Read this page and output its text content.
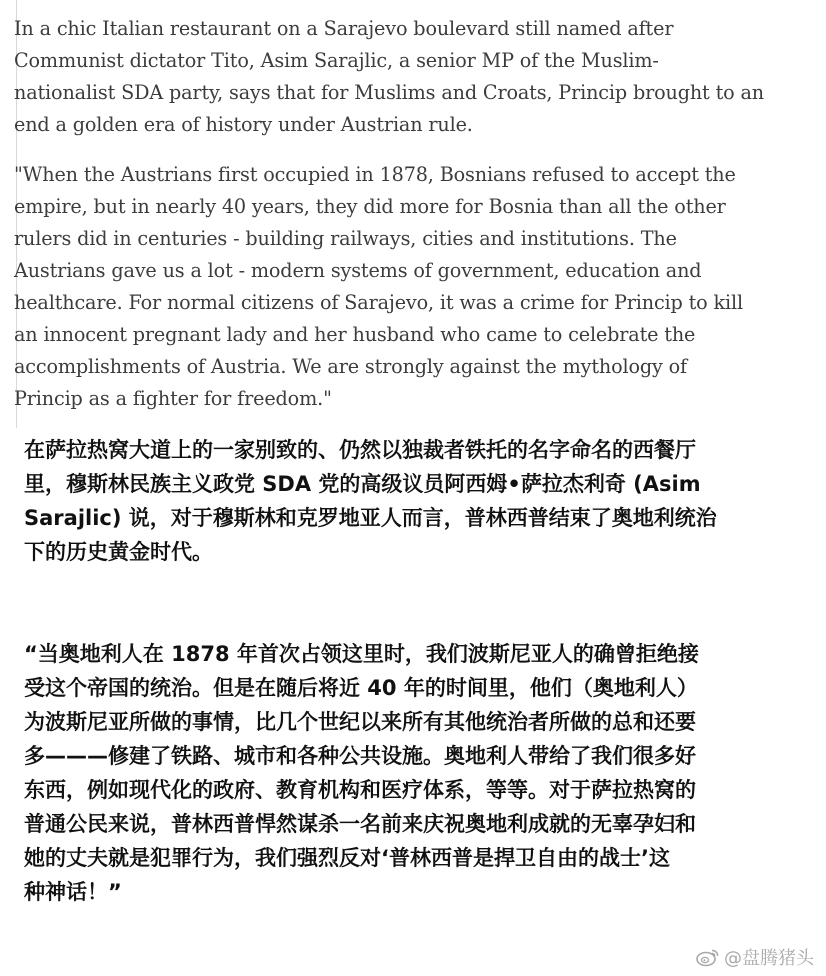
In a chic Italian restaurant on a Sarajevo boulevard still named after
Communist dictator Tito, Asim Sarajlic, a senior MP of the Muslim-
nationalist SDA party, says that for Muslims and Croats, Princip brought to an
end a golden era of history under Austrian rule.

"When the Austrians first occupied in 1878, Bosnians refused to accept the
empire, but in nearly 40 years, they did more for Bosnia than all the other
rulers did in centuries - building railways, cities and institutions. The
Austrians gave us a lot - modern systems of government, education and
healthcare. For normal citizens of Sarajevo, it was a crime for Princip to kill
an innocent pregnant lady and her husband who came to celebrate the
accomplishments of Austria. We are strongly against the mythology of
Princip as a fighter for freedom."

在萨拉热窝大道上的一家别致的、仍然以独裁者铁托的名字命名的西餐厅
里，穆斯林民族主义政党 SDA 党的高级议员阿西姆•萨拉杰利奇 (Asim
Sarajlic) 说，对于穆斯林和克罗地亚人而言，普林西普结束了奥地利统治
下的历史黄金时代。

“当奥地利人在 1878 年首次占领这里时，我们波斯尼亚人的确曾拒绝接
受这个帝国的统治。但是在随后将近 40 年的时间里，他们（奥地利人）
为波斯尼亚所做的事情，比几个世纪以来所有其他统治者所做的总和还要
多———修建了铁路、城市和各种公共设施。奥地利人带给了我们很多好
东西，例如现代化的政府、教育机构和医疗体系，等等。对于萨拉热窝的
普通公民来说，普林西普悍然谋杀一名前来庆祝奥地利成就的无辜孕妇和
她的丈夫就是犯罪行为，我们强烈反对‘普林西普是捍卫自由的战士’这
种神话！”

@盘腾猪头
